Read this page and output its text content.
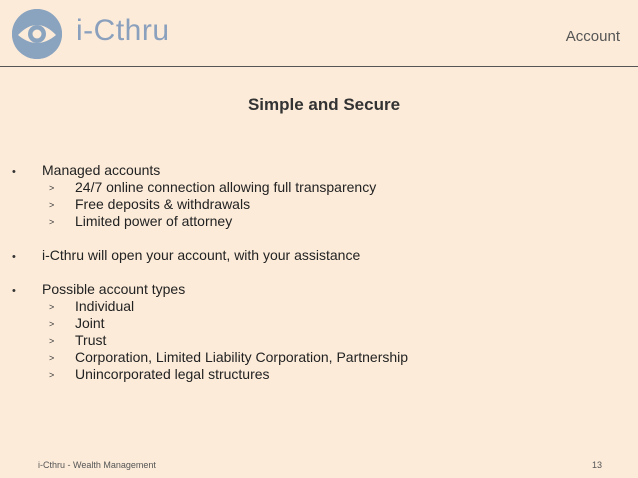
i-Cthru	Account
Simple and Secure
• Managed accounts
> 24/7 online connection allowing full transparency
> Free deposits & withdrawals
> Limited power of attorney
• i-Cthru will open your account, with your assistance
• Possible account types
> Individual
> Joint
> Trust
> Corporation, Limited Liability Corporation, Partnership
> Unincorporated legal structures
i-Cthru - Wealth Management	13
